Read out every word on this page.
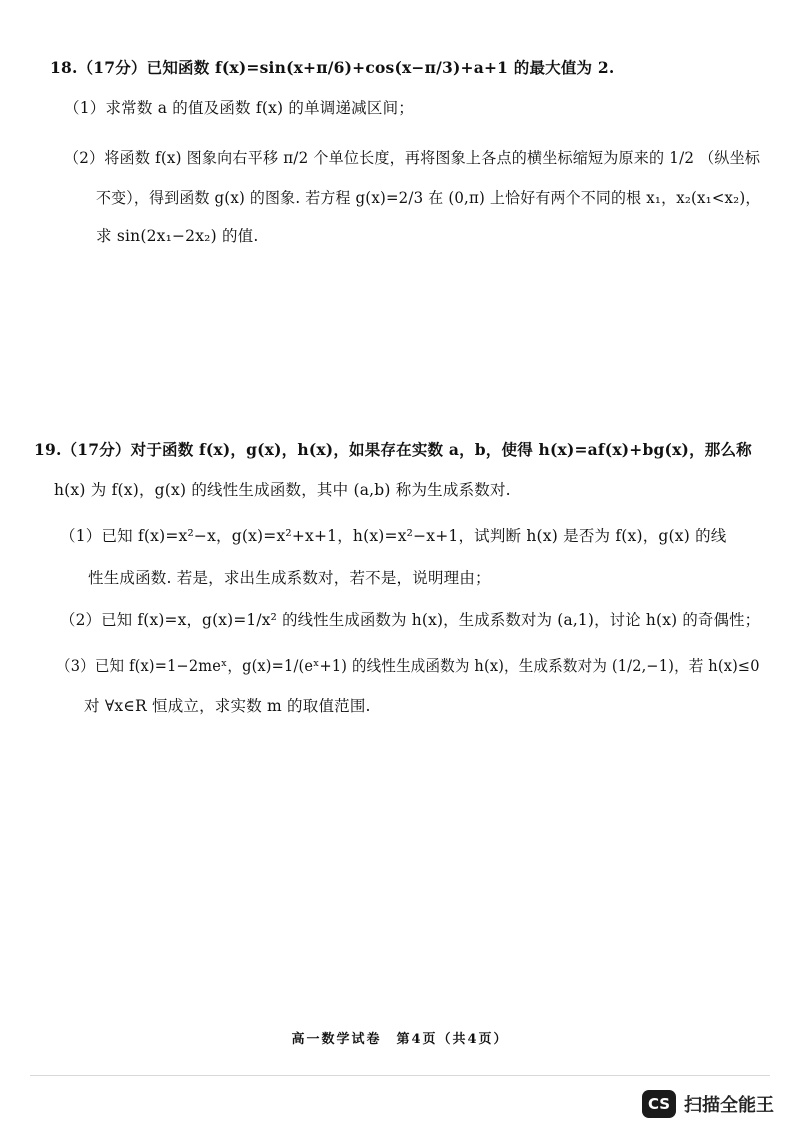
18.（17分）已知函数 f(x)=sin(x+π/6)+cos(x−π/3)+a+1 的最大值为 2.
（1）求常数 a 的值及函数 f(x) 的单调递减区间；
（2）将函数 f(x) 图象向右平移 π/2 个单位长度，再将图象上各点的横坐标缩短为原来的 1/2 （纵坐标
不变），得到函数 g(x) 的图象. 若方程 g(x)=2/3 在 (0,π) 上恰好有两个不同的根 x₁，x₂(x₁<x₂)，
求 sin(2x₁−2x₂) 的值.
19.（17分）对于函数 f(x)，g(x)，h(x)，如果存在实数 a，b，使得 h(x)=af(x)+bg(x)，那么称
h(x) 为 f(x)，g(x) 的线性生成函数，其中 (a,b) 称为生成系数对.
（1）已知 f(x)=x²−x，g(x)=x²+x+1，h(x)=x²−x+1，试判断 h(x) 是否为 f(x)，g(x) 的线
性生成函数. 若是，求出生成系数对，若不是，说明理由；
（2）已知 f(x)=x，g(x)=1/x² 的线性生成函数为 h(x)，生成系数对为 (a,1)，讨论 h(x) 的奇偶性；
（3）已知 f(x)=1−2meˣ，g(x)=1/(eˣ+1) 的线性生成函数为 h(x)，生成系数对为 (1/2,−1)，若 h(x)≤0
对 ∀x∈R 恒成立，求实数 m 的取值范围.
高一数学试卷　第4页（共4页）
CS 扫描全能王
